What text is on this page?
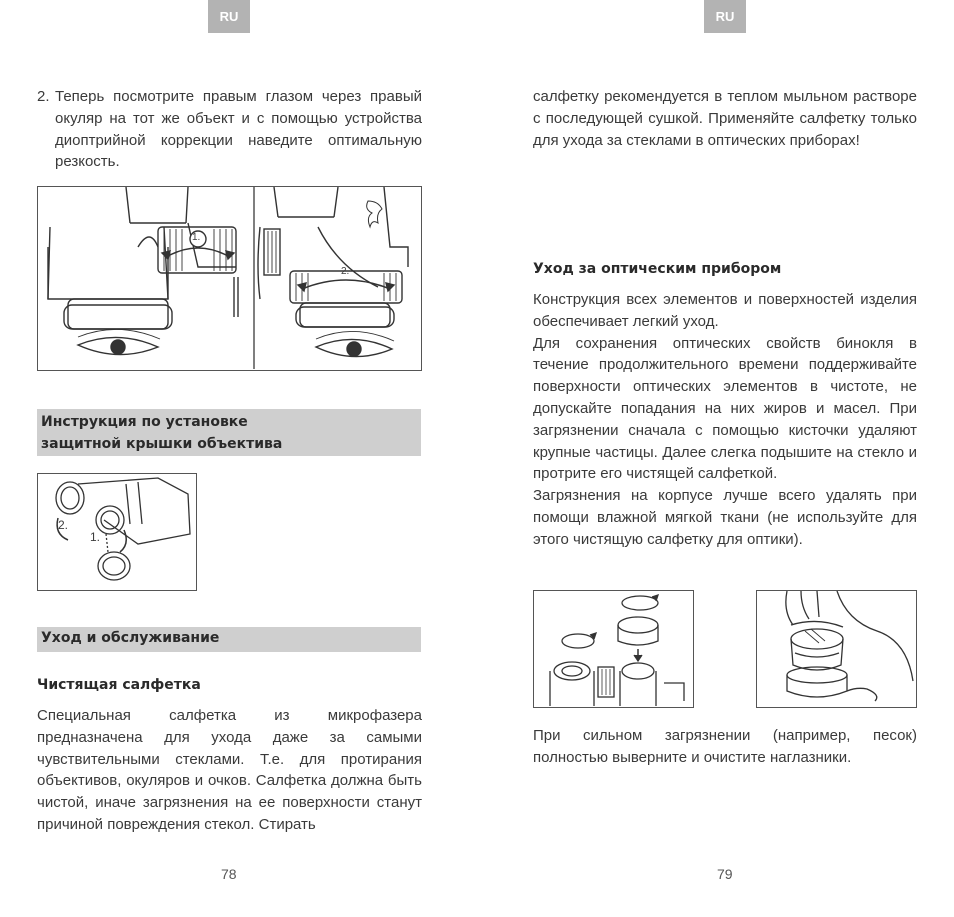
RU
2. Теперь посмотрите правым глазом через правый окуляр на тот же объект и с помощью устройства диоптрийной коррекции наведите оптимальную резкость.
1.
2.
Инструкция по установке
защитной крышки объектива
2.
1.
Уход и обслуживание
Чистящая салфетка

Специальная салфетка из микрофазера предназначена для ухода даже за самыми чувствительными стеклами. Т.е. для протирания объективов, окуляров и очков. Салфетка должна быть чистой, иначе загрязнения на ее поверхности станут причиной повреждения стекол. Стирать

78
RU

салфетку рекомендуется в теплом мыльном растворе с последующей сушкой. Применяйте салфетку только для ухода за стеклами в оптических приборах!

Уход за оптическим прибором
Конструкция всех элементов и поверхностей изделия обеспечивает легкий уход.
Для сохранения оптических свойств бинокля в течение продолжительного времени поддерживайте поверхности оптических элементов в чистоте, не допускайте попадания на них жиров и масел. При загрязнении сначала с помощью кисточки удаляют крупные частицы. Далее слегка подышите на стекло и протрите его чистящей салфеткой.
Загрязнения на корпусе лучше всего удалять при помощи влажной мягкой ткани (не используйте для этого чистящую салфетку для оптики).

При сильном загрязнении (например, песок) полностью выверните и очистите наглазники.

79
